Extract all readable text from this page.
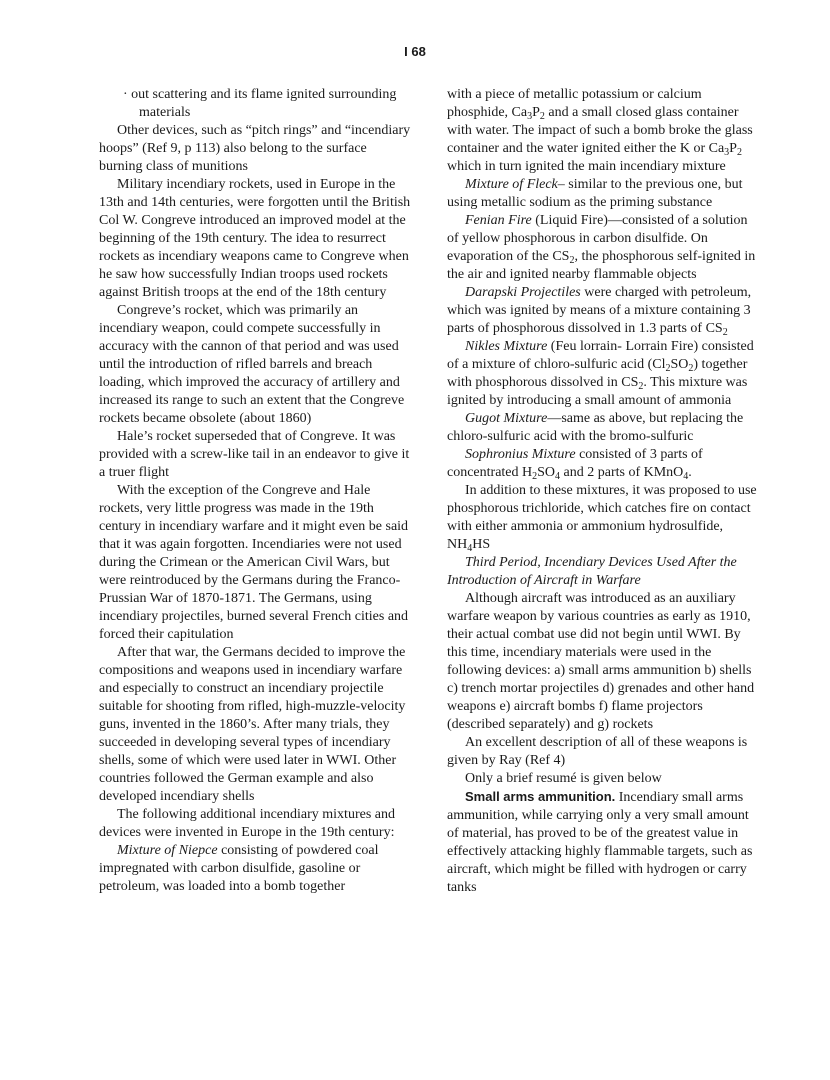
I 68

· out scattering and its flame ignited surrounding materials

Other devices, such as “pitch rings” and “incendiary hoops” (Ref 9, p 113) also belong to the surface burning class of munitions

Military incendiary rockets, used in Europe in the 13th and 14th centuries, were forgotten until the British Col W. Congreve introduced an improved model at the beginning of the 19th century. The idea to resurrect rockets as incendiary weapons came to Congreve when he saw how successfully Indian troops used rockets against British troops at the end of the 18th century

Congreve’s rocket, which was primarily an incendiary weapon, could compete successfully in accuracy with the cannon of that period and was used until the introduction of rifled barrels and breach loading, which improved the accuracy of artillery and increased its range to such an extent that the Congreve rockets became obsolete (about 1860)

Hale’s rocket superseded that of Congreve. It was provided with a screw-like tail in an endeavor to give it a truer flight

With the exception of the Congreve and Hale rockets, very little progress was made in the 19th century in incendiary warfare and it might even be said that it was again forgotten. Incendiaries were not used during the Crimean or the American Civil Wars, but were reintroduced by the Germans during the Franco-Prussian War of 1870-1871. The Germans, using incendiary projectiles, burned several French cities and forced their capitulation

After that war, the Germans decided to improve the compositions and weapons used in incendiary warfare and especially to construct an incendiary projectile suitable for shooting from rifled, high-muzzle-velocity guns, invented in the 1860’s. After many trials, they succeeded in developing several types of incendiary shells, some of which were used later in WWI. Other countries followed the German example and also developed incendiary shells

The following additional incendiary mixtures and devices were invented in Europe in the 19th century:

Mixture of Niepce consisting of powdered coal impregnated with carbon disulfide, gasoline or petroleum, was loaded into a bomb together

with a piece of metallic potassium or calcium phosphide, $Ca_3P_2$ and a small closed glass container with water. The impact of such a bomb broke the glass container and the water ignited either the K or $Ca_3P_2$ which in turn ignited the main incendiary mixture

Mixture of Fleck– similar to the previous one, but using metallic sodium as the priming substance

Fenian Fire (Liquid Fire)—consisted of a solution of yellow phosphorous in carbon disulfide. On evaporation of the $CS_2$, the phosphorous self-ignited in the air and ignited nearby flammable objects

Darapski Projectiles were charged with petroleum, which was ignited by means of a mixture containing 3 parts of phosphorous dissolved in 1.3 parts of $CS_2$

Nikles Mixture (Feu lorrain- Lorrain Fire) consisted of a mixture of chloro-sulfuric acid $(Cl_2SO_2)$ together with phosphorous dissolved in $CS_2$. This mixture was ignited by introducing a small amount of ammonia

Gugot Mixture—same as above, but replacing the chloro-sulfuric acid with the bromo-sulfuric

Sophronius Mixture consisted of 3 parts of concentrated $H_2SO_4$ and 2 parts of KMnO$_4$.

In addition to these mixtures, it was proposed to use phosphorous trichloride, which catches fire on contact with either ammonia or ammonium hydrosulfide, $NH_4HS$

Third Period, Incendiary Devices Used After the Introduction of Aircraft in Warfare

Although aircraft was introduced as an auxiliary warfare weapon by various countries as early as 1910, their actual combat use did not begin until WWI. By this time, incendiary materials were used in the following devices: a) small arms ammunition b) shells c) trench mortar projectiles d) grenades and other hand weapons e) aircraft bombs f) flame projectors (described separately) and g) rockets

An excellent description of all of these weapons is given by Ray (Ref 4)

Only a brief resumé is given below

Small arms ammunition. Incendiary small arms ammunition, while carrying only a very small amount of material, has proved to be of the greatest value in effectively attacking highly flammable targets, such as aircraft, which might be filled with hydrogen or carry tanks
